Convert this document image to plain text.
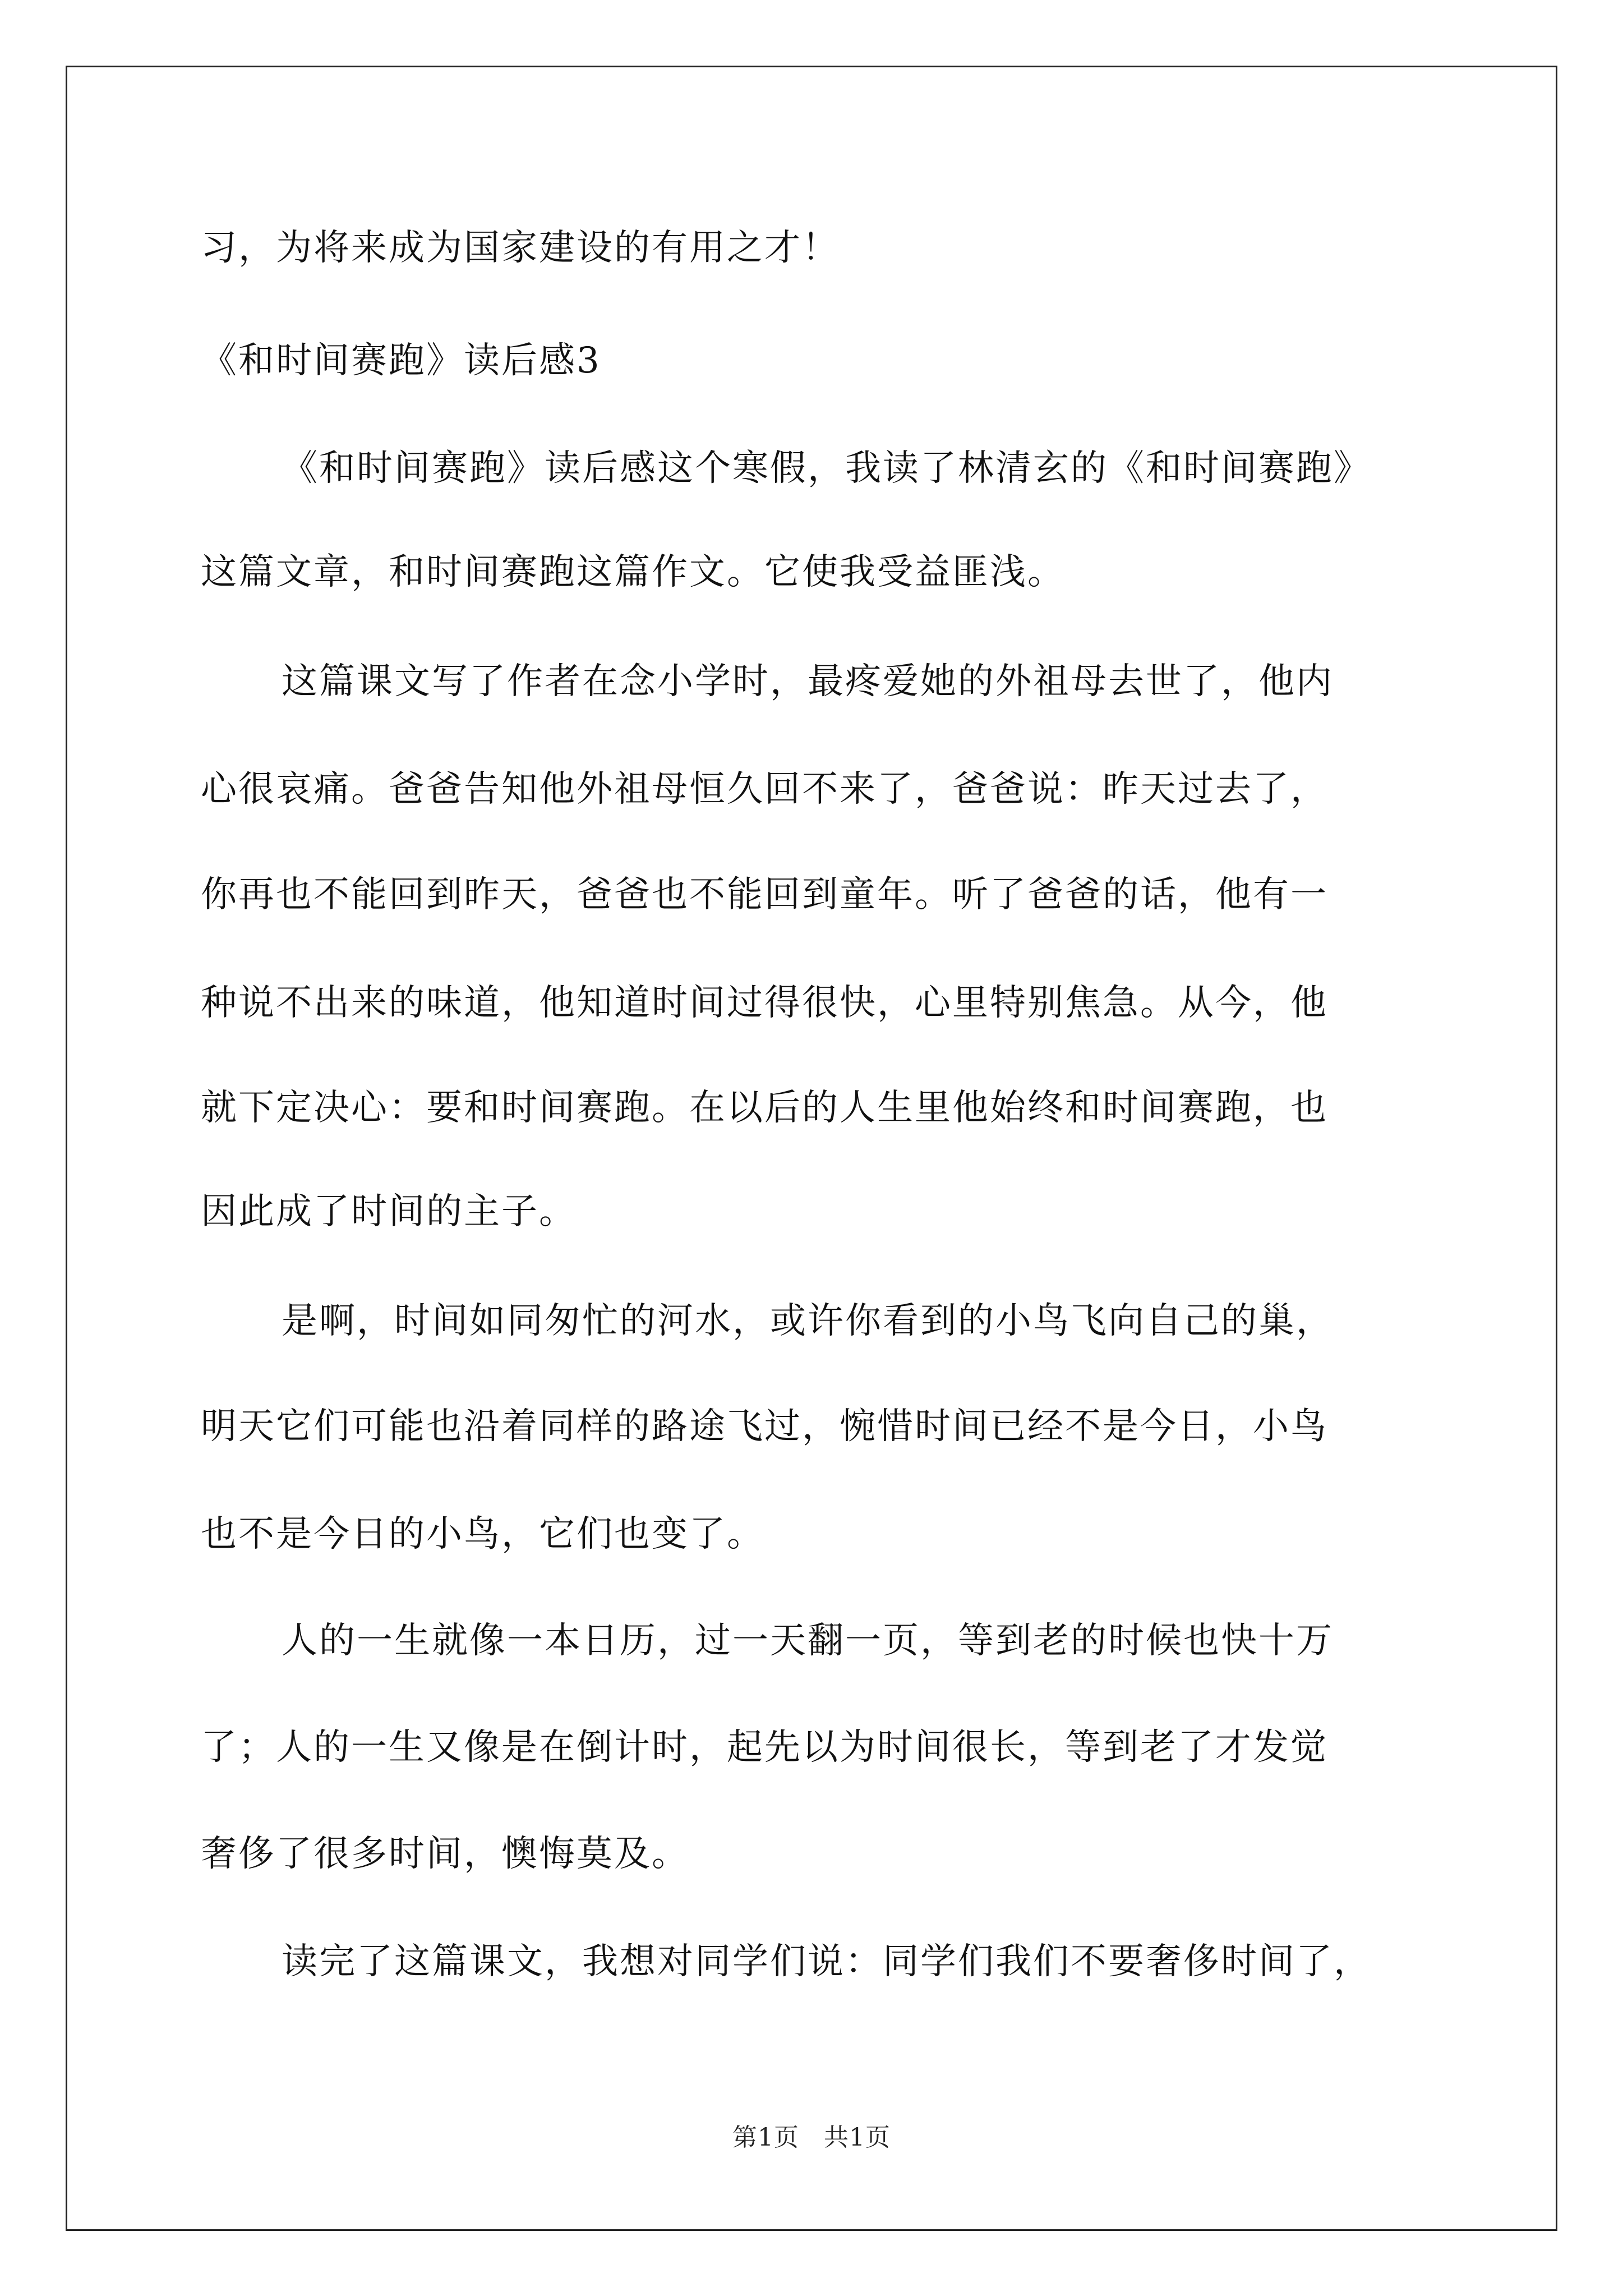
习，为将来成为国家建设的有用之才！
《和时间赛跑》读后感3
《和时间赛跑》读后感这个寒假，我读了林清玄的《和时间赛跑》
这篇文章，和时间赛跑这篇作文。它使我受益匪浅。
这篇课文写了作者在念小学时，最疼爱她的外祖母去世了，他内
心很哀痛。爸爸告知他外祖母恒久回不来了，爸爸说：昨天过去了，
你再也不能回到昨天，爸爸也不能回到童年。听了爸爸的话，他有一
种说不出来的味道，他知道时间过得很快，心里特别焦急。从今，他
就下定决心：要和时间赛跑。在以后的人生里他始终和时间赛跑，也
因此成了时间的主子。
是啊，时间如同匆忙的河水，或许你看到的小鸟飞向自己的巢，
明天它们可能也沿着同样的路途飞过，惋惜时间已经不是今日，小鸟
也不是今日的小鸟，它们也变了。
人的一生就像一本日历，过一天翻一页，等到老的时候也快十万
了；人的一生又像是在倒计时，起先以为时间很长，等到老了才发觉
奢侈了很多时间，懊悔莫及。
读完了这篇课文，我想对同学们说：同学们我们不要奢侈时间了，
第1页 共1页
